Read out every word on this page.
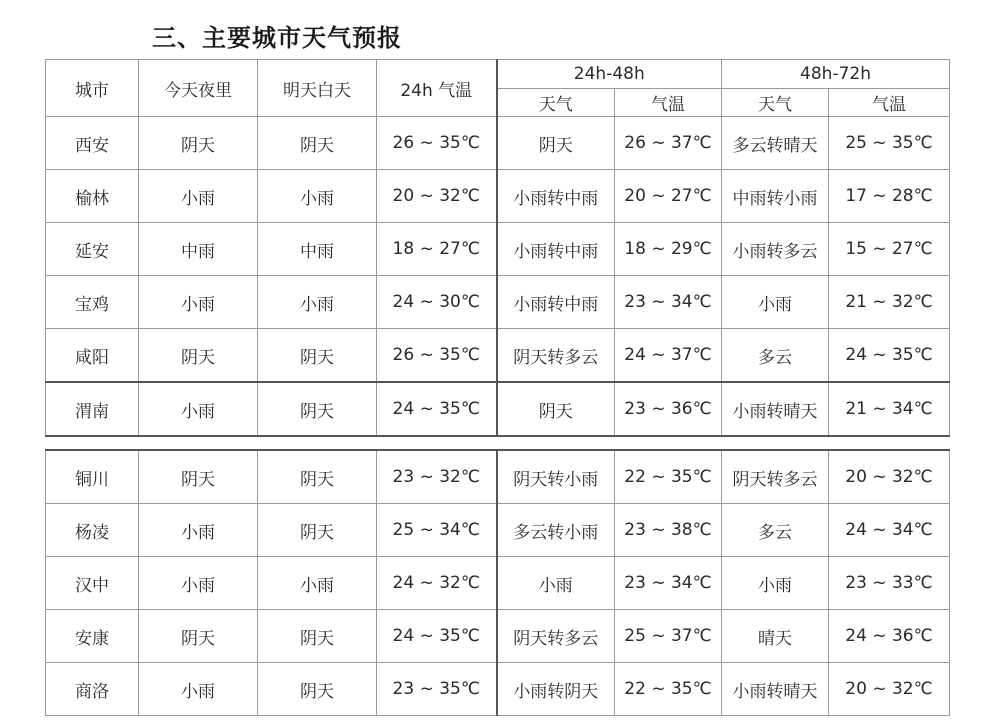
三、主要城市天气预报
城市	今天夜里	明天白天	24h 气温	24h-48h		48h-72h	
				天气	气温	天气	气温
西安	阴天	阴天	26 ~ 35℃	阴天	26 ~ 37℃	多云转晴天	25 ~ 35℃
榆林	小雨	小雨	20 ~ 32℃	小雨转中雨	20 ~ 27℃	中雨转小雨	17 ~ 28℃
延安	中雨	中雨	18 ~ 27℃	小雨转中雨	18 ~ 29℃	小雨转多云	15 ~ 27℃
宝鸡	小雨	小雨	24 ~ 30℃	小雨转中雨	23 ~ 34℃	小雨	21 ~ 32℃
咸阳	阴天	阴天	26 ~ 35℃	阴天转多云	24 ~ 37℃	多云	24 ~ 35℃
渭南	小雨	阴天	24 ~ 35℃	阴天	23 ~ 36℃	小雨转晴天	21 ~ 34℃
铜川	阴天	阴天	23 ~ 32℃	阴天转小雨	22 ~ 35℃	阴天转多云	20 ~ 32℃
杨凌	小雨	阴天	25 ~ 34℃	多云转小雨	23 ~ 38℃	多云	24 ~ 34℃
汉中	小雨	小雨	24 ~ 32℃	小雨	23 ~ 34℃	小雨	23 ~ 33℃
安康	阴天	阴天	24 ~ 35℃	阴天转多云	25 ~ 37℃	晴天	24 ~ 36℃
商洛	小雨	阴天	23 ~ 35℃	小雨转阴天	22 ~ 35℃	小雨转晴天	20 ~ 32℃
